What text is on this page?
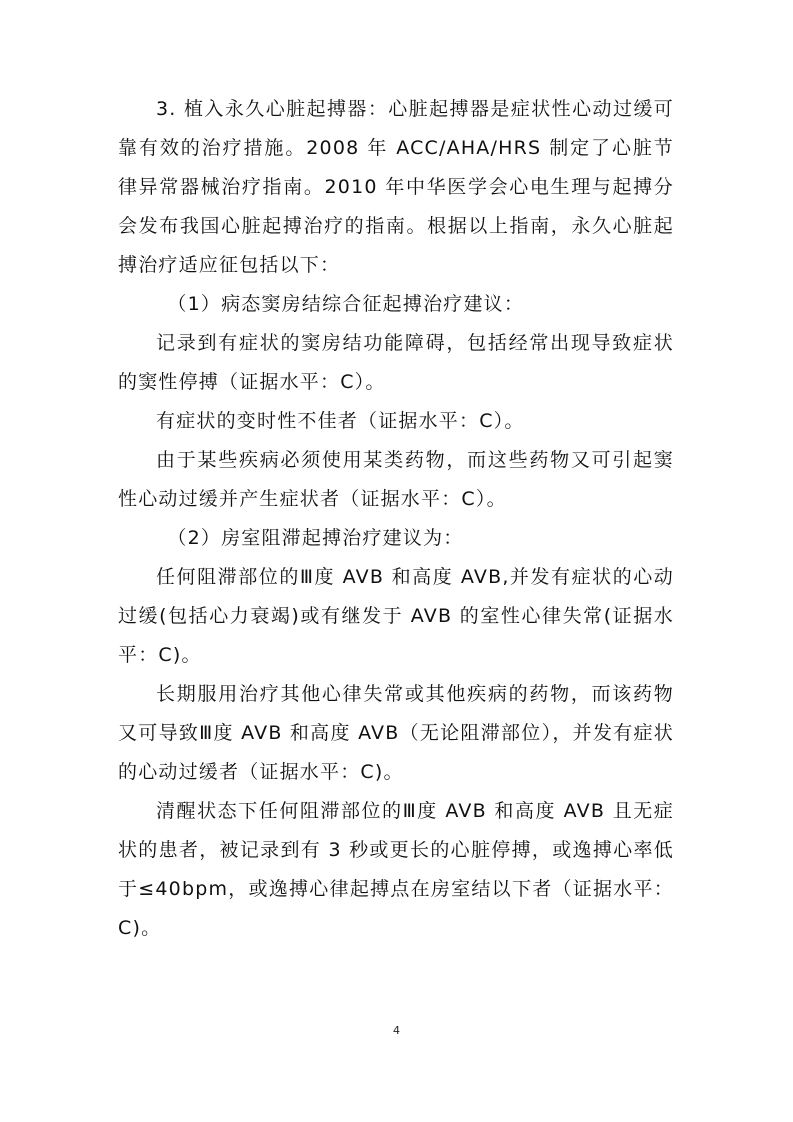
3. 植入永久心脏起搏器：心脏起搏器是症状性心动过缓可靠有效的治疗措施。2008 年 ACC/AHA/HRS 制定了心脏节律异常器械治疗指南。2010 年中华医学会心电生理与起搏分会发布我国心脏起搏治疗的指南。根据以上指南，永久心脏起搏治疗适应征包括以下：

（1）病态窦房结综合征起搏治疗建议：

记录到有症状的窦房结功能障碍，包括经常出现导致症状的窦性停搏（证据水平：C）。

有症状的变时性不佳者（证据水平：C）。

由于某些疾病必须使用某类药物，而这些药物又可引起窦性心动过缓并产生症状者（证据水平：C）。

（2）房室阻滞起搏治疗建议为：

任何阻滞部位的Ⅲ度 AVB 和高度 AVB,并发有症状的心动过缓(包括心力衰竭)或有继发于 AVB 的室性心律失常(证据水平：C)。

长期服用治疗其他心律失常或其他疾病的药物，而该药物又可导致Ⅲ度 AVB 和高度 AVB（无论阻滞部位），并发有症状的心动过缓者（证据水平：C)。

清醒状态下任何阻滞部位的Ⅲ度 AVB 和高度 AVB 且无症状的患者，被记录到有 3 秒或更长的心脏停搏，或逸搏心率低于≤40bpm，或逸搏心律起搏点在房室结以下者（证据水平：C)。

4
